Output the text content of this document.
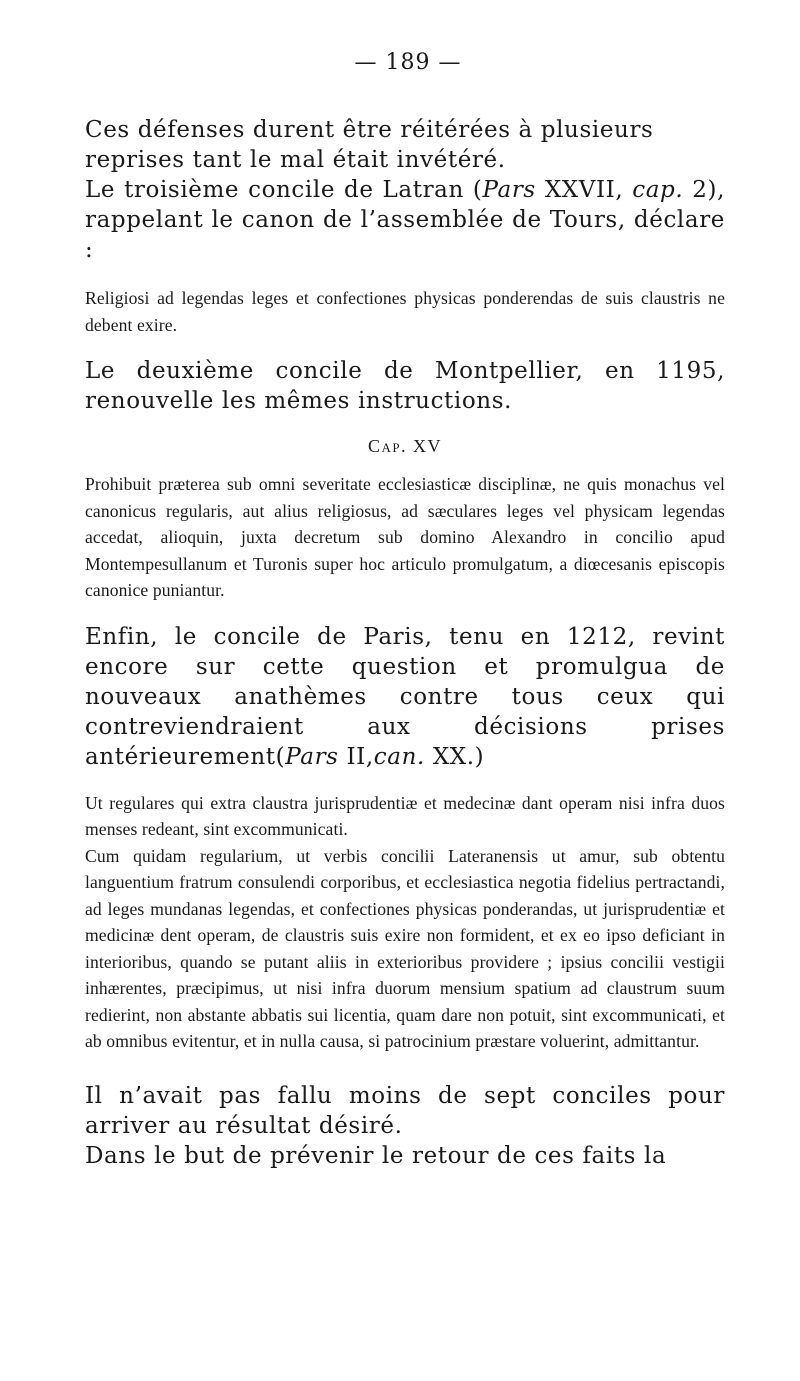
— 189 —

Ces défenses durent être réitérées à plusieurs
reprises tant le mal était invétéré.

Le troisième concile de Latran (Pars XXVII, cap. 2), rappelant le canon de l’assemblée de Tours, déclare :

Religiosi ad legendas leges et confectiones physicas ponderendas de suis claustris ne debent exire.

Le deuxième concile de Montpellier, en 1195, renouvelle les mêmes instructions.

Cap. XV

Prohibuit præterea sub omni severitate ecclesiasticæ disciplinæ, ne quis monachus vel canonicus regularis, aut alius religiosus, ad sæculares leges vel physicam legendas accedat, alioquin, juxta decretum sub domino Alexandro in concilio apud Montempesullanum et Turonis super hoc articulo promulgatum, a diœcesanis episcopis canonice puniantur.

Enfin, le concile de Paris, tenu en 1212, revint encore sur cette question et promulgua de nouveaux anathèmes contre tous ceux qui contreviendraient aux décisions prises antérieurement(Pars II,can. XX.)

Ut regulares qui extra claustra jurisprudentiæ et medecinæ dant operam nisi infra duos menses redeant, sint excommunicati.

Cum quidam regularium, ut verbis concilii Lateranensis ut amur, sub obtentu languentium fratrum consulendi corporibus, et ecclesiastica negotia fidelius pertractandi, ad leges mundanas legendas, et confectiones physicas ponderandas, ut jurisprudentiæ et medicinæ dent operam, de claustris suis exire non formident, et ex eo ipso deficiant in interioribus, quando se putant aliis in exterioribus providere ; ipsius concilii vestigii inhærentes, præcipimus, ut nisi infra duorum mensium spatium ad claustrum suum redierint, non abstante abbatis sui licentia, quam dare non potuit, sint excommunicati, et ab omnibus evitentur, et in nulla causa, si patrocinium præstare voluerint, admittantur.

Il n’avait pas fallu moins de sept conciles pour arriver au résultat désiré.

Dans le but de prévenir le retour de ces faits la
